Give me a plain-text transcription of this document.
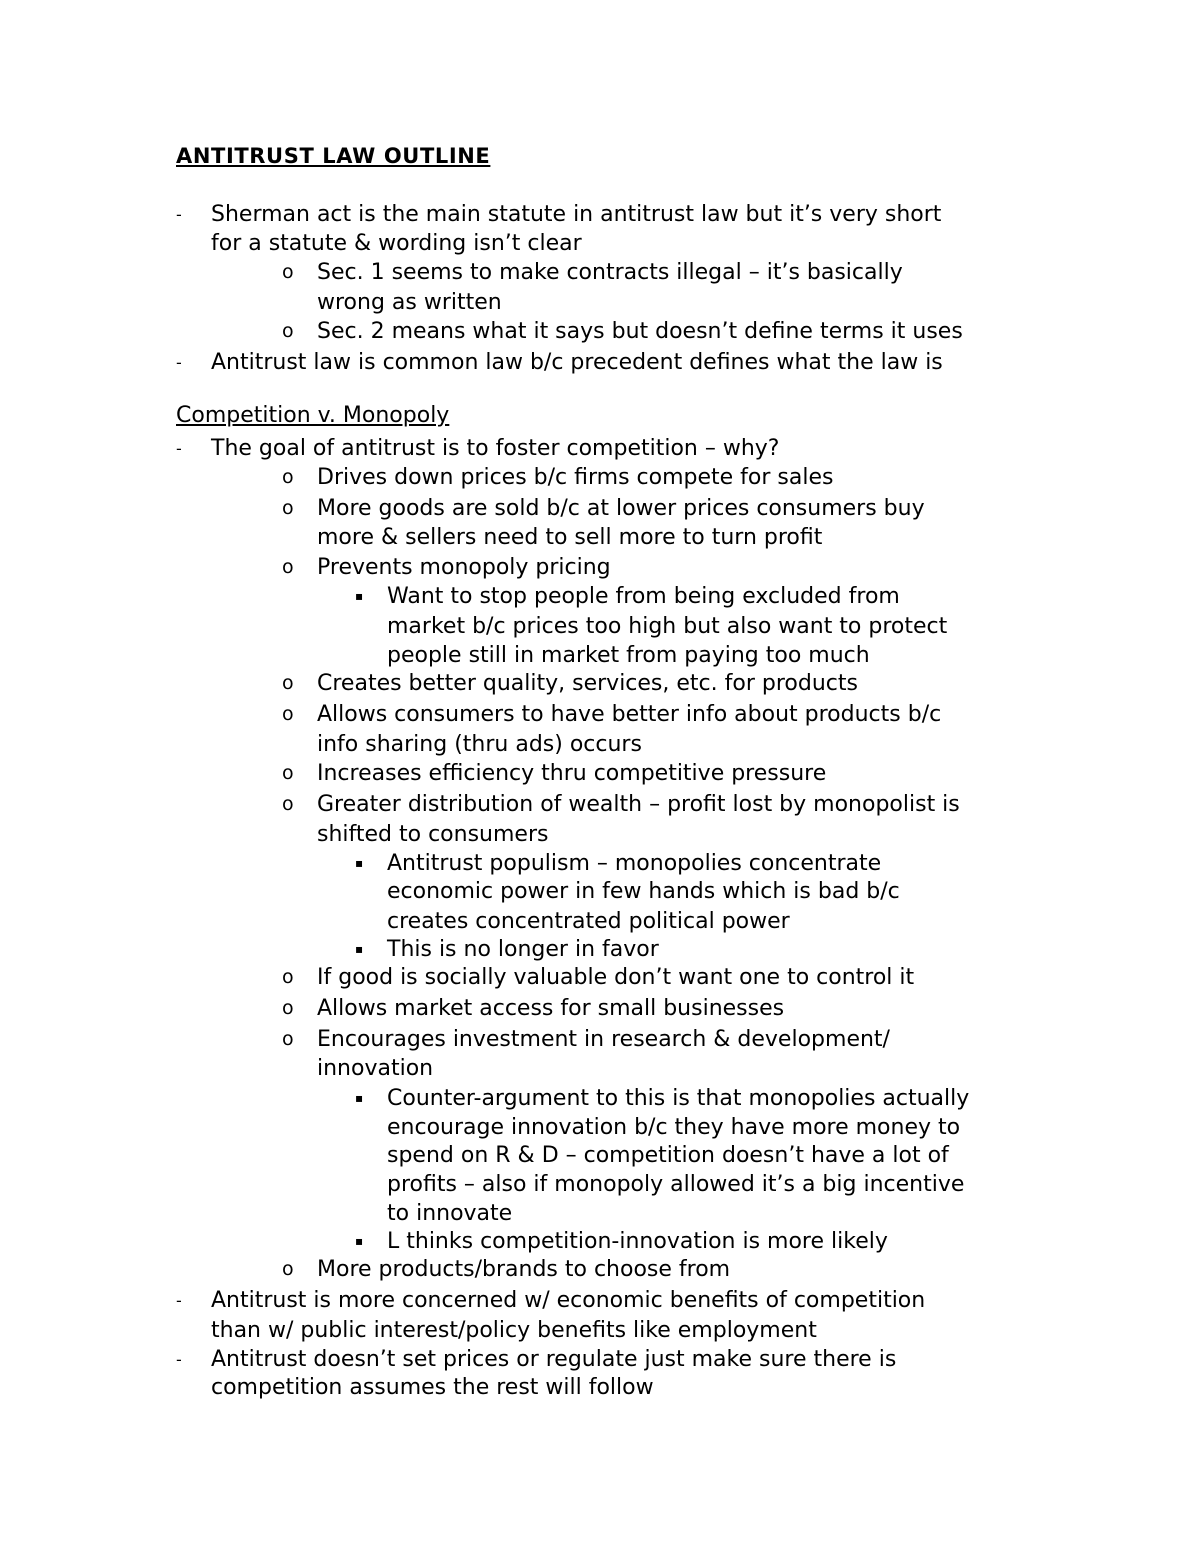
ANTITRUST LAW OUTLINE
- Sherman act is the main statute in antitrust law but it’s very short
for a statute & wording isn’t clear
o Sec. 1 seems to make contracts illegal – it’s basically
wrong as written
o Sec. 2 means what it says but doesn’t define terms it uses
- Antitrust law is common law b/c precedent defines what the law is
Competition v. Monopoly
- The goal of antitrust is to foster competition – why?
o Drives down prices b/c firms compete for sales
o More goods are sold b/c at lower prices consumers buy
more & sellers need to sell more to turn profit
o Prevents monopoly pricing
▪ Want to stop people from being excluded from
market b/c prices too high but also want to protect
people still in market from paying too much
o Creates better quality, services, etc. for products
o Allows consumers to have better info about products b/c
info sharing (thru ads) occurs
o Increases efficiency thru competitive pressure
o Greater distribution of wealth – profit lost by monopolist is
shifted to consumers
▪ Antitrust populism – monopolies concentrate
economic power in few hands which is bad b/c
creates concentrated political power
▪ This is no longer in favor
o If good is socially valuable don’t want one to control it
o Allows market access for small businesses
o Encourages investment in research & development/
innovation
▪ Counter-argument to this is that monopolies actually
encourage innovation b/c they have more money to
spend on R & D – competition doesn’t have a lot of
profits – also if monopoly allowed it’s a big incentive
to innovate
▪ L thinks competition-innovation is more likely
o More products/brands to choose from
- Antitrust is more concerned w/ economic benefits of competition
than w/ public interest/policy benefits like employment
- Antitrust doesn’t set prices or regulate just make sure there is
competition assumes the rest will follow
